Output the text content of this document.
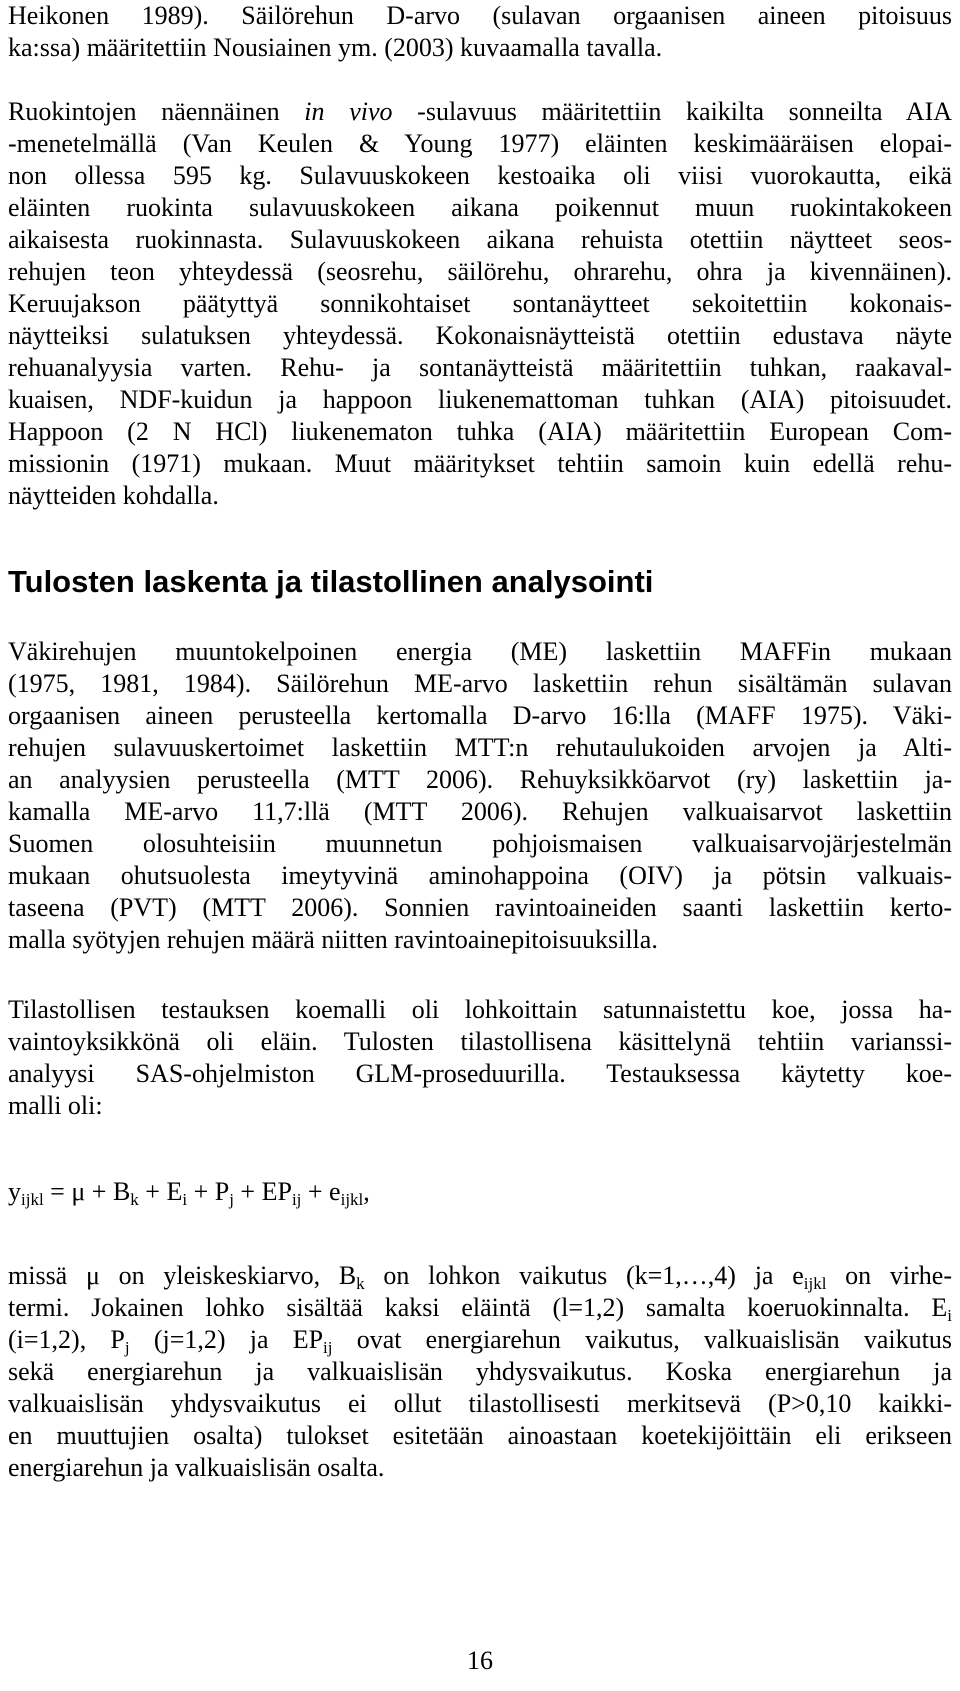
Heikonen 1989). Säilörehun D-arvo (sulavan orgaanisen aineen pitoisuus
ka:ssa) määritettiin Nousiainen ym. (2003) kuvaamalla tavalla.
Ruokintojen näennäinen in vivo -sulavuus määritettiin kaikilta sonneilta AIA
-menetelmällä (Van Keulen & Young 1977) eläinten keskimääräisen elopai-
non ollessa 595 kg. Sulavuuskokeen kestoaika oli viisi vuorokautta, eikä
eläinten ruokinta sulavuuskokeen aikana poikennut muun ruokintakokeen
aikaisesta ruokinnasta. Sulavuuskokeen aikana rehuista otettiin näytteet seos-
rehujen teon yhteydessä (seosrehu, säilörehu, ohrarehu, ohra ja kivennäinen).
Keruujakson päätyttyä sonnikohtaiset sontanäytteet sekoitettiin kokonais-
näytteiksi sulatuksen yhteydessä. Kokonaisnäytteistä otettiin edustava näyte
rehuanalyysia varten. Rehu- ja sontanäytteistä määritettiin tuhkan, raakaval-
kuaisen, NDF-kuidun ja happoon liukenemattoman tuhkan (AIA) pitoisuudet.
Happoon (2 N HCl) liukenematon tuhka (AIA) määritettiin European Com-
missionin (1971) mukaan. Muut määritykset tehtiin samoin kuin edellä rehu-
näytteiden kohdalla.
Tulosten laskenta ja tilastollinen analysointi
Väkirehujen muuntokelpoinen energia (ME) laskettiin MAFFin mukaan
(1975, 1981, 1984). Säilörehun ME-arvo laskettiin rehun sisältämän sulavan
orgaanisen aineen perusteella kertomalla D-arvo 16:lla (MAFF 1975). Väki-
rehujen sulavuuskertoimet laskettiin MTT:n rehutaulukoiden arvojen ja Alti-
an analyysien perusteella (MTT 2006). Rehuyksikköarvot (ry) laskettiin ja-
kamalla ME-arvo 11,7:llä (MTT 2006). Rehujen valkuaisarvot laskettiin
Suomen olosuhteisiin muunnetun pohjoismaisen valkuaisarvojärjestelmän
mukaan ohutsuolesta imeytyvinä aminohappoina (OIV) ja pötsin valkuais-
taseena (PVT) (MTT 2006). Sonnien ravintoaineiden saanti laskettiin kerto-
malla syötyjen rehujen määrä niitten ravintoainepitoisuuksilla.
Tilastollisen testauksen koemalli oli lohkoittain satunnaistettu koe, jossa ha-
vaintoyksikkönä oli eläin. Tulosten tilastollisena käsittelynä tehtiin varianssi-
analyysi SAS-ohjelmiston GLM-proseduurilla. Testauksessa käytetty koe-
malli oli:
$y_{ijkl} = \mu + B_k + E_i + P_j + EP_{ij} + e_{ijkl}$,
missä μ on yleiskeskiarvo, $B_k$ on lohkon vaikutus (k=1,…,4) ja $e_{ijkl}$ on virhe-
termi. Jokainen lohko sisältää kaksi eläintä (l=1,2) samalta koeruokinnalta. $E_i$
(i=1,2), $P_j$ (j=1,2) ja $EP_{ij}$ ovat energiarehun vaikutus, valkuaislisän vaikutus
sekä energiarehun ja valkuaislisän yhdysvaikutus. Koska energiarehun ja
valkuaislisän yhdysvaikutus ei ollut tilastollisesti merkitsevä (P>0,10 kaikki-
en muuttujien osalta) tulokset esitetään ainoastaan koetekijöittäin eli erikseen
energiarehun ja valkuaislisän osalta.
16
